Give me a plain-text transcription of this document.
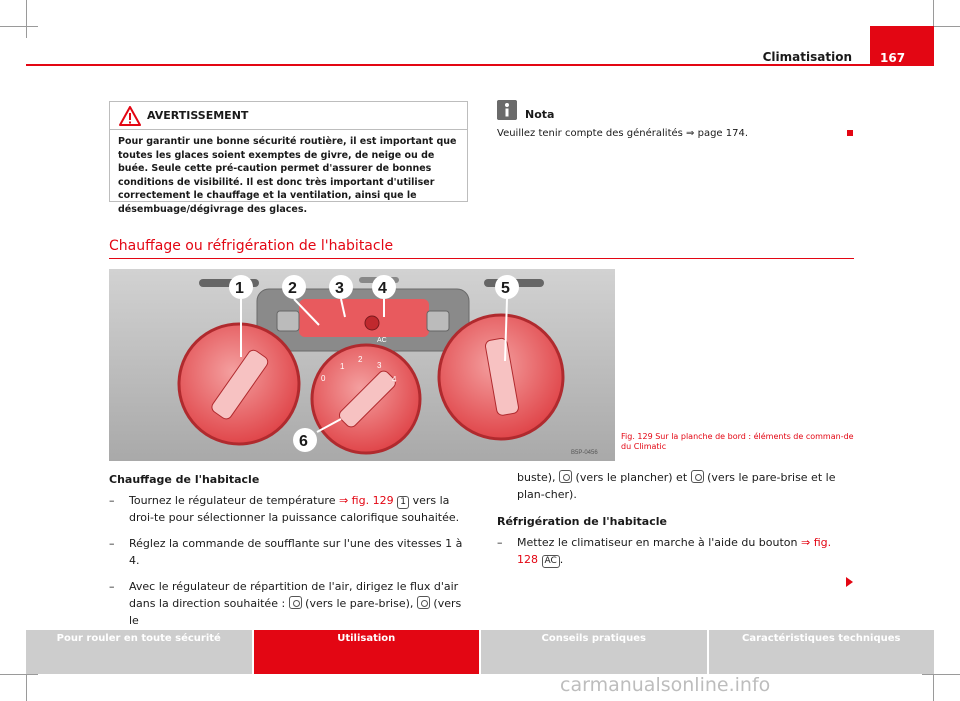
Climatisation	167
AVERTISSEMENT
Pour garantir une bonne sécurité routière, il est important que toutes les glaces soient exemptes de givre, de neige ou de buée. Seule cette pré-caution permet d'assurer de bonnes conditions de visibilité. Il est donc très important d'utiliser correctement le chauffage et la ventilation, ainsi que le désembuage/dégivrage des glaces.
Nota
Veuillez tenir compte des généralités ⇒ page 174.
Chauffage ou réfrigération de l'habitacle
AC
0
1
2
3
4
1	2 3 4	5
6
B5P-0456
Fig. 129 Sur la planche de bord : éléments de comman-de du Climatic
Chauffage de l'habitacle
– Tournez le régulateur de température ⇒ fig. 129 1 vers la droi-te pour sélectionner la puissance calorifique souhaitée.
– Réglez la commande de soufflante sur l'une des vitesses 1 à 4.
– Avec le régulateur de répartition de l'air, dirigez le flux d'air dans la direction souhaitée :  (vers le pare-brise),  (vers le
buste),  (vers le plancher) et  (vers le pare-brise et le plan-cher).
Réfrigération de l'habitacle
– Mettez le climatiseur en marche à l'aide du bouton ⇒ fig. 128 AC .
Pour rouler en toute sécurité	Utilisation	Conseils pratiques	Caractéristiques techniques
carmanualsonline.info
